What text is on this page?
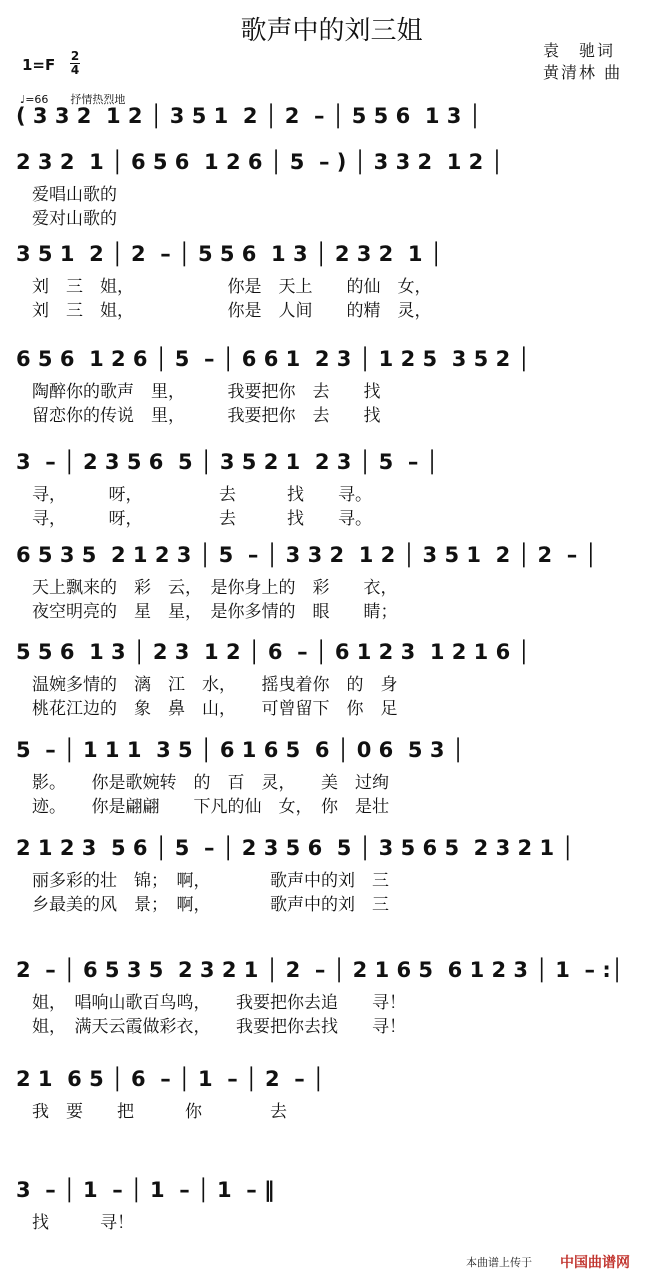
歌声中的刘三姐
袁　驰词
黄清林 曲
1=F 2
4
♩=66　　抒情热烈地
( 3 3 2  1 2 │ 3 5 1  2 │ 2  – │ 5 5 6  1 3 │
2 3 2  1 │ 6 5 6  1 2 6 │ 5  – ) │ 3 3 2  1 2 │
爱唱山歌的
爱对山歌的
3 5 1  2 │ 2  – │ 5 5 6  1 3 │ 2 3 2  1 │
刘　三　姐，　　　　　　你是　天上　　的仙　女，
刘　三　姐，　　　　　　你是　人间　　的精　灵，
6 5 6  1 2 6 │ 5  – │ 6 6 1  2 3 │ 1 2 5  3 5 2 │
陶醉你的歌声　里，　　　我要把你　去　　找
留恋你的传说　里，　　　我要把你　去　　找
3  – │ 2 3 5 6  5 │ 3 5 2 1  2 3 │ 5  – │
寻，　　　呀，　　　　　去　　　找　　寻。
寻，　　　呀，　　　　　去　　　找　　寻。
6 5 3 5  2 1 2 3 │ 5  – │ 3 3 2  1 2 │ 3 5 1  2 │ 2  – │
天上飘来的　彩　云，　是你身上的　彩　　衣，
夜空明亮的　星　星，　是你多情的　眼　　睛；
5 5 6  1 3 │ 2 3  1 2 │ 6  – │ 6 1 2 3  1 2 1 6 │
温婉多情的　漓　江　水，　　摇曳着你　的　身
桃花江边的　象　鼻　山，　　可曾留下　你　足
5  – │ 1 1 1  3 5 │ 6 1 6 5  6 │ 0 6  5 3 │
影。　　你是歌婉转　的　百　灵，　　美　过绚
迹。　　你是翩翩　　下凡的仙　女，　你　是壮
2 1 2 3  5 6 │ 5  – │ 2 3 5 6  5 │ 3 5 6 5  2 3 2 1 │
丽多彩的壮　锦；　啊，　　　　歌声中的刘　三
乡最美的风　景；　啊，　　　　歌声中的刘　三
2  – │ 6 5 3 5  2 3 2 1 │ 2  – │ 2 1 6 5  6 1 2 3 │ 1  – :│
姐，　唱响山歌百鸟鸣，　　我要把你去追　　寻！
姐，　满天云霞做彩衣，　　我要把你去找　　寻！
2 1  6 5 │ 6  – │ 1  – │ 2  – │
我　要　　把　　　你　　　　去
3  – │ 1  – │ 1  – │ 1  – ‖
找　　　寻！
本曲谱上传于 中国曲谱网
